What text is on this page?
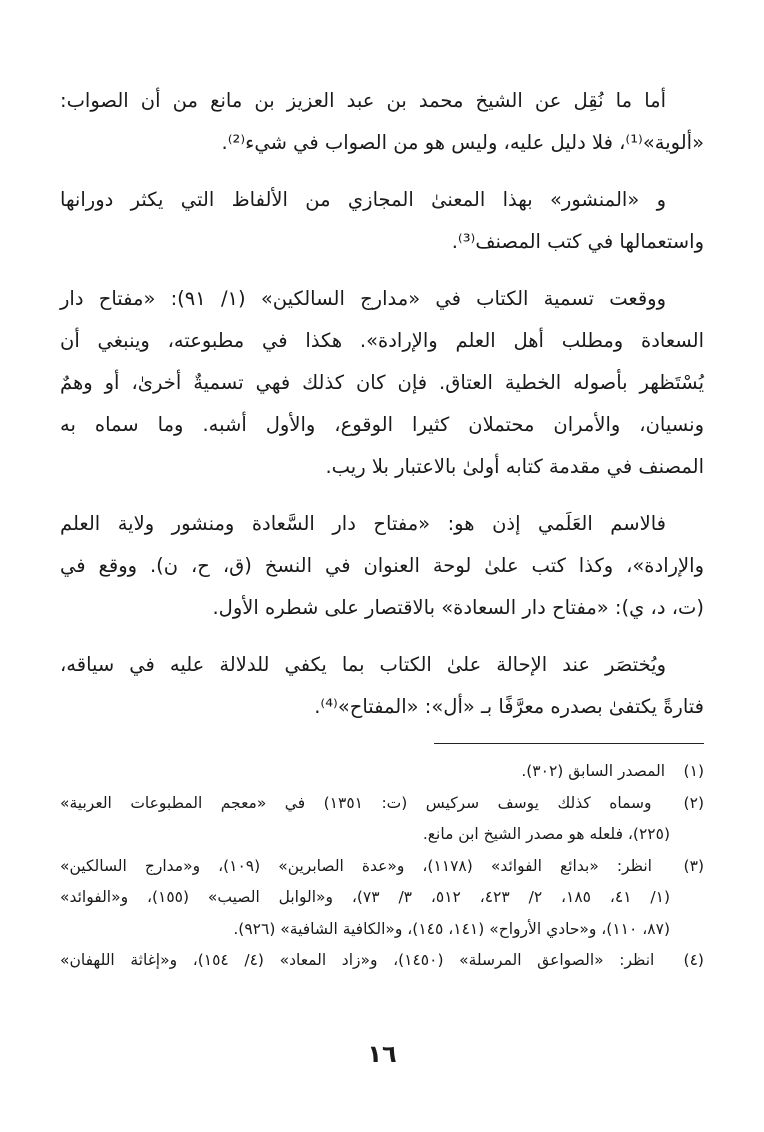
أما ما نُقِل عن الشيخ محمد بن عبد العزيز بن مانع من أن الصواب:
«ألوية»⁽¹⁾، فلا دليل عليه، وليس هو من الصواب في شيء⁽²⁾.
و «المنشور» بهذا المعنىٰ المجازي من الألفاظ التي يكثر دورانها
واستعمالها في كتب المصنف⁽³⁾.
ووقعت تسمية الكتاب في «مدارج السالكين» (١/ ٩١): «مفتاح دار
السعادة ومطلب أهل العلم والإرادة». هكذا في مطبوعته، وينبغي أن
يُسْتَظهر بأصوله الخطية العتاق. فإن كان كذلك فهي تسميةٌ أخرىٰ، أو وهمٌ
ونسيان، والأمران محتملان كثيرا الوقوع، والأول أشبه. وما سماه به
المصنف في مقدمة كتابه أولىٰ بالاعتبار بلا ريب.
فالاسم العَلَمي إذن هو: «مفتاح دار السَّعادة ومنشور ولاية العلم
والإرادة»، وكذا كتب علىٰ لوحة العنوان في النسخ (ق، ح، ن). ووقع في
(ت، د، ي): «مفتاح دار السعادة» بالاقتصار على شطره الأول.
ويُختصَر عند الإحالة علىٰ الكتاب بما يكفي للدلالة عليه في سياقه،
فتارةً يكتفىٰ بصدره معرَّفًا بـ «أل»: «المفتاح»⁽⁴⁾.
(١) المصدر السابق (٣٠٢).
(٢) وسماه كذلك يوسف سركيس (ت: ١٣٥١) في «معجم المطبوعات العربية»
(٢٢٥)، فلعله هو مصدر الشيخ ابن مانع.
(٣) انظر: «بدائع الفوائد» (١١٧٨)، و«عدة الصابرين» (١٠٩)، و«مدارج السالكين»
(١/ ٤١، ١٨٥، ٢/ ٤٢٣، ٥١٢، ٣/ ٧٣)، و«الوابل الصيب» (١٥٥)، و«الفوائد»
(٨٧، ١١٠)، و«حادي الأرواح» (١٤١، ١٤٥)، و«الكافية الشافية» (٩٢٦).
(٤) انظر: «الصواعق المرسلة» (١٤٥٠)، و«زاد المعاد» (٤/ ١٥٤)، و«إغاثة اللهفان»
١٦
